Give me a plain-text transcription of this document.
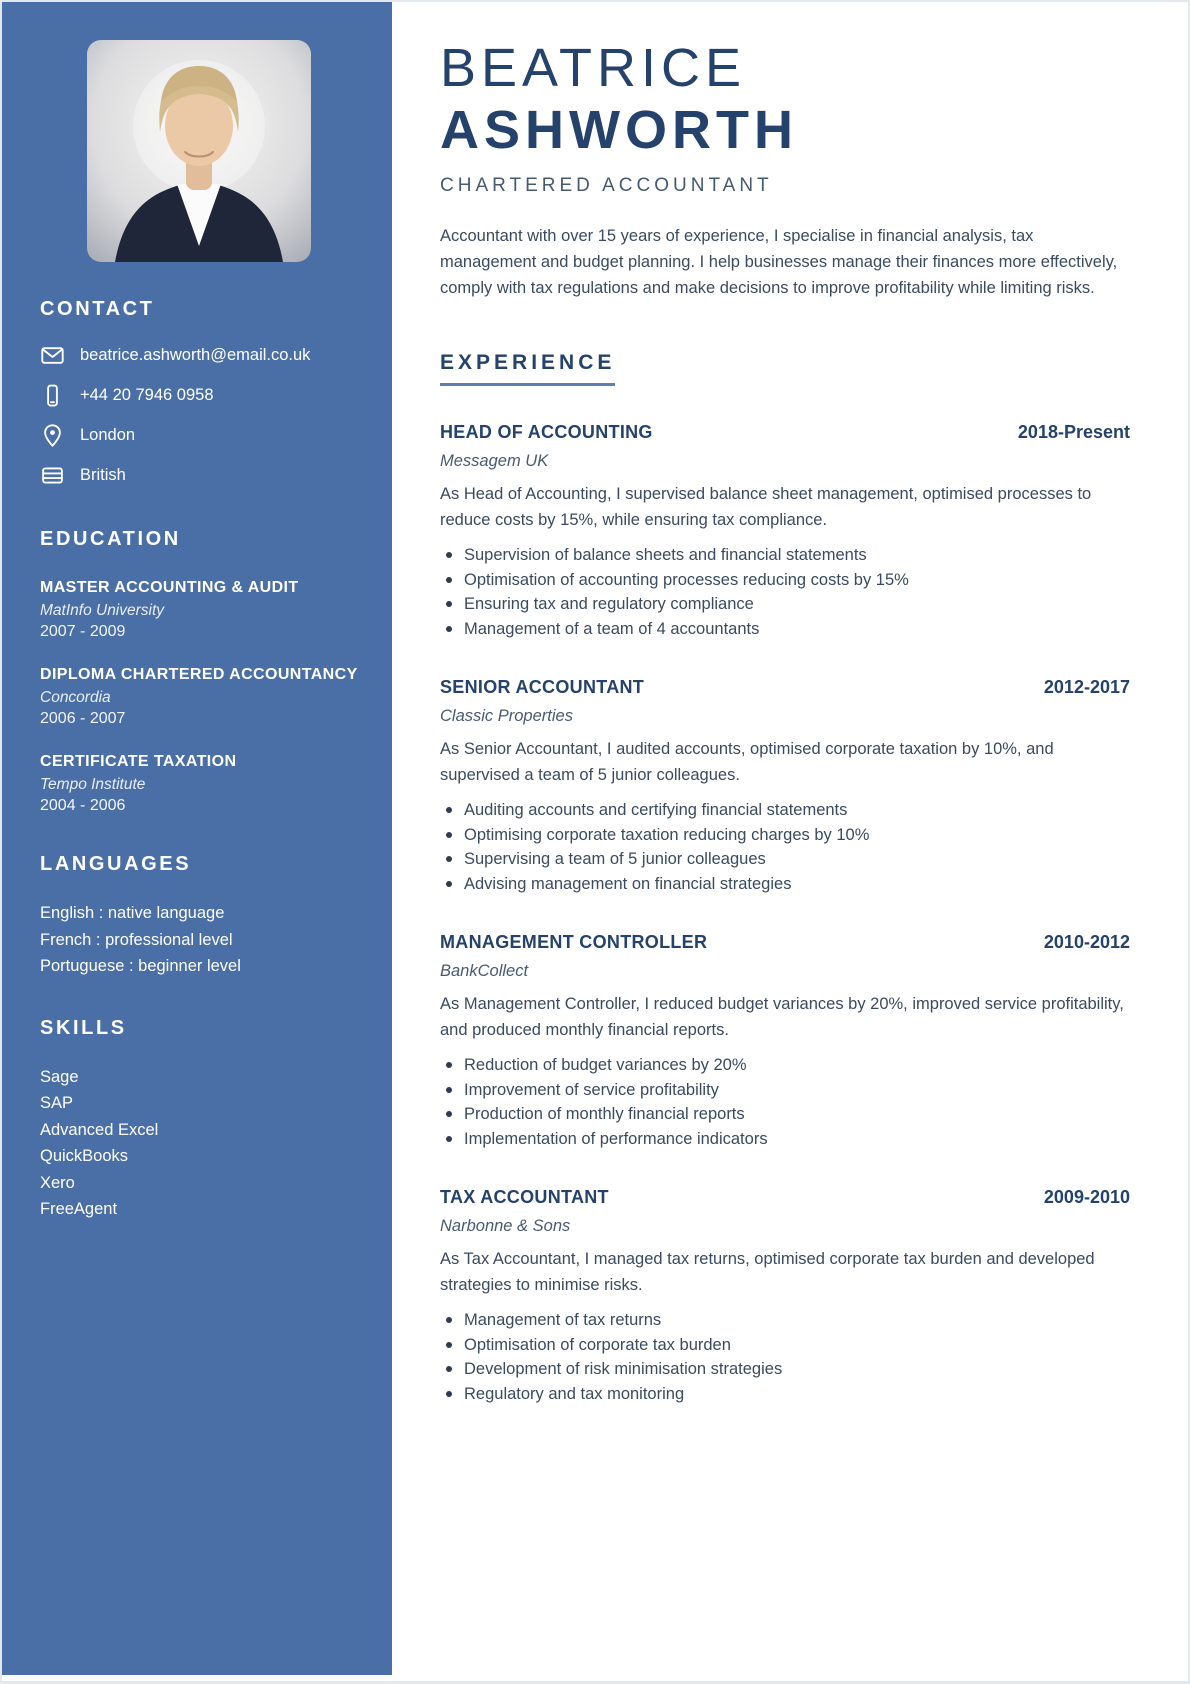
CONTACT
beatrice.ashworth@email.co.uk
+44 20 7946 0958
London
British
EDUCATION
MASTER ACCOUNTING & AUDIT
MatInfo University
2007 - 2009
DIPLOMA CHARTERED ACCOUNTANCY
Concordia
2006 - 2007
CERTIFICATE TAXATION
Tempo Institute
2004 - 2006
LANGUAGES
English : native language
French : professional level
Portuguese : beginner level
SKILLS
Sage
SAP
Advanced Excel
QuickBooks
Xero
FreeAgent
BEATRICE
ASHWORTH
CHARTERED ACCOUNTANT

Accountant with over 15 years of experience, I specialise in financial analysis, tax management and budget planning. I help businesses manage their finances more effectively, comply with tax regulations and make decisions to improve profitability while limiting risks.

EXPERIENCE
HEAD OF ACCOUNTING	2018-Present
Messagem UK

As Head of Accounting, I supervised balance sheet management, optimised processes to reduce costs by 15%, while ensuring tax compliance.

Supervision of balance sheets and financial statements
Optimisation of accounting processes reducing costs by 15%
Ensuring tax and regulatory compliance
Management of a team of 4 accountants
SENIOR ACCOUNTANT	2012-2017
Classic Properties

As Senior Accountant, I audited accounts, optimised corporate taxation by 10%, and supervised a team of 5 junior colleagues.

Auditing accounts and certifying financial statements
Optimising corporate taxation reducing charges by 10%
Supervising a team of 5 junior colleagues
Advising management on financial strategies
MANAGEMENT CONTROLLER	2010-2012
BankCollect

As Management Controller, I reduced budget variances by 20%, improved service profitability, and produced monthly financial reports.

Reduction of budget variances by 20%
Improvement of service profitability
Production of monthly financial reports
Implementation of performance indicators
TAX ACCOUNTANT	2009-2010
Narbonne & Sons

As Tax Accountant, I managed tax returns, optimised corporate tax burden and developed strategies to minimise risks.

Management of tax returns
Optimisation of corporate tax burden
Development of risk minimisation strategies
Regulatory and tax monitoring
